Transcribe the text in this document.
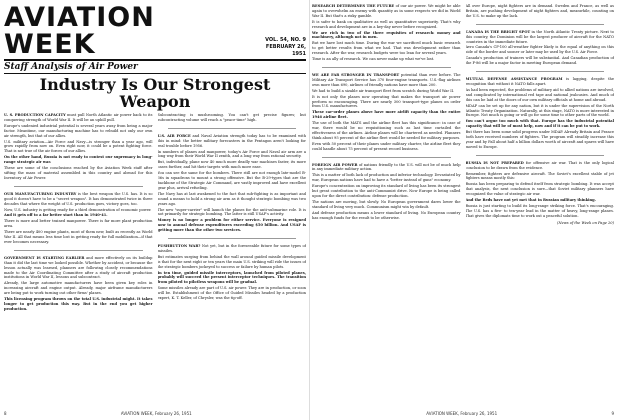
AVIATION WEEK	VOL. 54, NO. 9
FEBRUARY 26, 1951
Staff Analysis of Air Power
Industry Is Our Strongest Weapon

U. S. PRODUCTION CAPACITY must pull North Atlantic air power back to its conquering strength of World War II. It will be an uphill pull.

Europe's undenied industrial potential is several years away from being a major factor. Meantime, our manufacturing machine has to rebuild not only our own air strength, but that of our allies.

U.S. military aviation—Air Force and Navy—is stronger than a year ago, will grow rapidly from now on. Even right now, it could be a potent fighting force. That is not true of the air forces of our allies.

On the other hand, Russia is not ready to contest our supremacy in long-range strategic air war.

These are some of the conclusions reached by the Aviation Week staff after sifting the mass of material assembled in this country and abroad for this Inventory of Air Power.

OUR MANUFACTURING INDUSTRY is the best weapon the U.S. has. It is so good it doesn't have to be a "secret weapon". It has demonstrated twice in three decades that where the weight of U.S. production goes, victory goes, too.

Now, U.S. industry is getting ready for a third demonstration of economic power.

And it gets off to a far better start than in 1940-41.

There is more and better trained manpower. There is far more plant production area.

There are nearly 400 engine plants, most of them new, built as recently as World War II. All that means less time lost in getting ready for full mobilization—if that ever becomes necessary.

GOVERNMENT IS STARTING EARLIER and more effectively on its buildup than it did the last time we looked possible. Whether by accident, or because the lesson actually was learned, planners are following closely recommendations made to the Air Coordinating Committee after a study of aircraft production institutions in World War II, lessons and subcontract.

Already, the large automotive manufacturers have been given key roles in increasing aircraft and engine output. Already, major airframe manufacturers are being put to work turning out other firms' planes.

This licensing program throws on the total U.S. industrial might. It takes longer to get production this way. But in the end you get higher production.

Subcontracting is mushrooming. You can't get precise figures; but subcontracting volume will reach a "peace-time" high.

U.S. AIR FORCE and Naval Aviation strength today has to be examined with this in mind: the better military forecasters in the Pentagon aren't looking for real trouble before 1956.

In numbers of planes and manpower, today's Air Force and Naval air arm are a long way from their World War II zenith, and a long way from rational security.

But, individually, plane now 40 much more deadly war machines faster, its more cases further, and hit their targets with much more ease.

You can see the same for the bombers. There still are not enough late-model B-36s in squadrons to mount a strong offensive. But the B-29-types that are the backbone of the Strategic Air Command, are vastly improved and have excellent gear plus, arrival refueling.

The Navy has at last awakened to the fact that sub-fighting is as important and sound a means to hold a strong air arm as it thought strategic bombing was two years ago.

The new "super-carrier" will launch the planes for the anti-submarine role. It is not primarily for strategic bombing. The latter is still USAF's activity.

Money is no longer a problem for either service. Everyone is resigned now to annual defense expenditures exceeding $50 billion. And USAF is getting more than the other two services.

PUSHBUTTON WAR? Not yet, but in the foreseeable future for some types of missiles.

But estimates surging from behind the wall around guided missile development is that for the next eight or ten years the main U.S. striking will ride the issues of the strategic bombers jockeyed to success or failure by human pilots.

In ten time, guided missile interceptors, launched from piloted planes, probably will succeed the present interceptor techniques. The transition from piloted to pilotless weapons will be gradual.

Some missiles already are part of U.S. air power. They are in production, or soon will be. Establishment of the Office of Guided Missiles headed by a production expert, K. T. Keller, of Chrysler, was the tip-off.

8	AVIATION WEEK, February 26, 1951

RESEARCH DETERMINES THE FUTURE of our air power. We might be able again to overwhelm an enemy with quantity as in some respects we did in World War II. But that's a risky gamble.

It is safer to bank on qualitative as well as quantitative superiority. That's why research and development are in a key-day never before recognized.

We are rich in two of the three requisites of research: money and machinery, although not in men.

But we have lost much time. During the war we sacrificed much basic research to get better results from what we had. That was development rather than research. After the war, research budgets were too lean for several years.

Time is an ally of research. We can never make up what we've lost.

WE ARE FAR STRONGER IN TRANSPORT potential than ever before. The Military Air Transport Service has 370 four-engine transports. U.S.-flag airlines own more than 690, airlines of friendly nations have more than 200.

We had to build a sizable air transport fleet from scratch during World War II.

It is not only the planes now operating that makes the transport air power perform so encouraging. There are nearly 300 transport-type planes on order from U.S. manufacturers.

These car-order planes above have more airlift capacity than the entire 1946 airline fleet.

The use of both the MATS and the airline fleet has this significance: in case of war, there would be no requisitioning such as last time curtailed the effectiveness of the airlines. Airline planes will be chartered as needed. Planners think about 95 percent of the airline fleet would be needed for military purposes.

Even with 50 percent of their planes under military charter, the airline fleet they could handle about 75 percent of present record business.

FOREIGN AIR POWER of nations friendly to the U.S. will not be of much help in any immediate military action.

This is a matter of both lack of production and inferior technology. Devastated by war, European nations have had to have a "better instead of guns" economy.

Europe's concentration on improving its standard of living has been its strongest but great contribution to the anti-Communist drive. Now Europe is being called upon for the direct contribution: defense production.

The nations are moving, but slowly. No European government dares lower the standard of living very much. Communism might win by default.

And defense production means a lower standard of living. No European country has enough funds for the result to be otherwise.

All over Europe, night fighters are in demand. Sweden and France, as well as Britain, are pushing development of night fighters and, meanwhile, counting on the U.S. to make up the lack.

CANADA IS THE BRIGHT SPOT in the North Atlantic Treaty picture. Next to this country, the Dominion will be the largest producer of aircraft for the NATO countries in the immediate future.

Avro Canada's CF-100 all-weather fighter likely is the equal of anything on this side of the border and sooner or later may be used by the U.S. Air Force.

Canada's production of trainers will be substantial. And Canadian production of the F-86 will be a major factor in meeting European demand.

MUTUAL DEFENSE ASSISTANCE PROGRAM is lagging, despite the recognition that without it NATO falls apart.

As had been expected, the problems of military aid to allied nations are involved, and complicated by international red tape and national jealousies. And much of this can be laid at the doors of our own military officials at home and abroad.

MDAP can be set up for any nation, but it is under the supervision of the North Atlantic Treaty Organization. Naturally, at this stage, NATO is more interested in Europe. Not much is going or will go for some time to other parts of the world.

You can't argue too much with that. Europe has the industrial potential capacity that will be of most help, now and if it can be put to work.

But there has been some solid progress under MDAP. Already Britain and France both have received numbers of fighters. The program will steadily increase this year and by Fall about half a billion dollars worth of aircraft and spares will have moved to Europe.

RUSSIA IS NOT PREPARED for offensive air war. That is the only logical conclusion to be drawn from the evidence.

Remember, fighters are defensive aircraft. The Soviet's excellent stable of jet fighters means mostly this:

Russia has been preparing to defend itself from strategic bombing. It was accept that analysis, the next conclusion is sure—that Soviet military planners have recognized the value of strategic air war.

And the Reds have not yet met that in Russian military thinking.

Russia is just starting to build its long-range striking force. That's encouraging. The U.S. has a five- to ten-year lead in the matter of heavy, long-range planes. That gives the diplomats time to work out a peaceful solution.

(News of the Week on Page 20)
AVIATION WEEK, February 26, 1951	9
